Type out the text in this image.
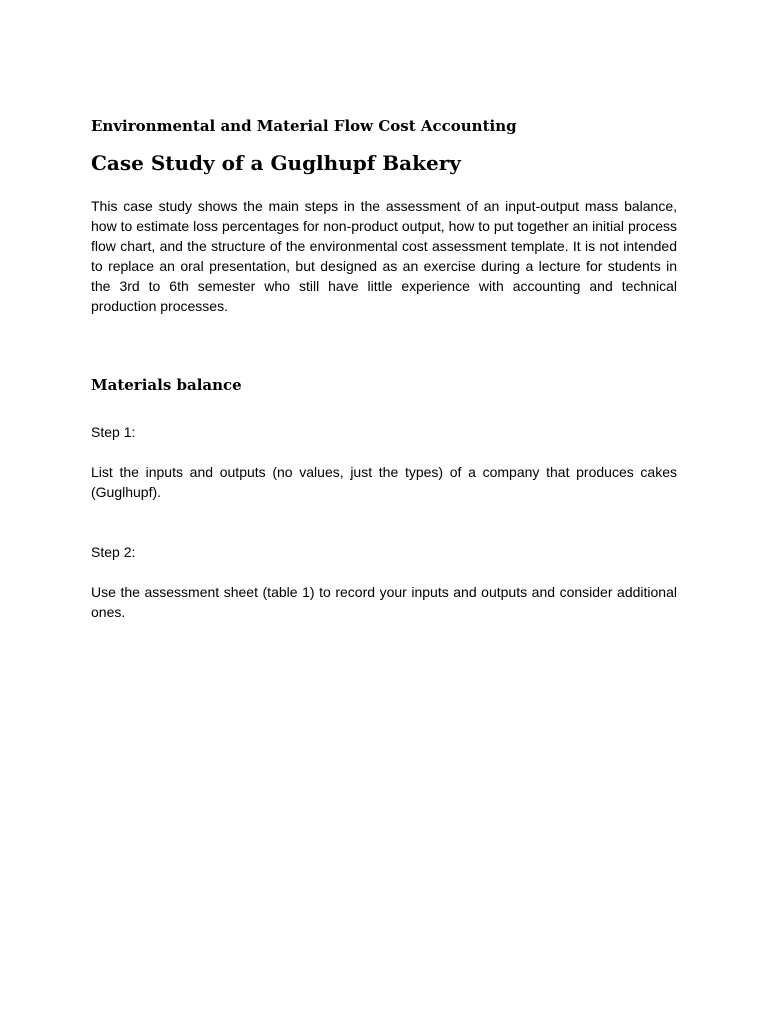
Environmental and Material Flow Cost Accounting
Case Study of a Guglhupf Bakery

This case study shows the main steps in the assessment of an input-output mass balance, how to estimate loss percentages for non-product output, how to put together an initial process flow chart, and the structure of the environmental cost assessment template. It is not intended to replace an oral presentation, but designed as an exercise during a lecture for students in the 3rd to 6th semester who still have little experience with accounting and technical production processes.

Materials balance

Step 1:

List the inputs and outputs (no values, just the types) of a company that produces cakes (Guglhupf).

Step 2:

Use the assessment sheet (table 1) to record your inputs and outputs and consider additional ones.
